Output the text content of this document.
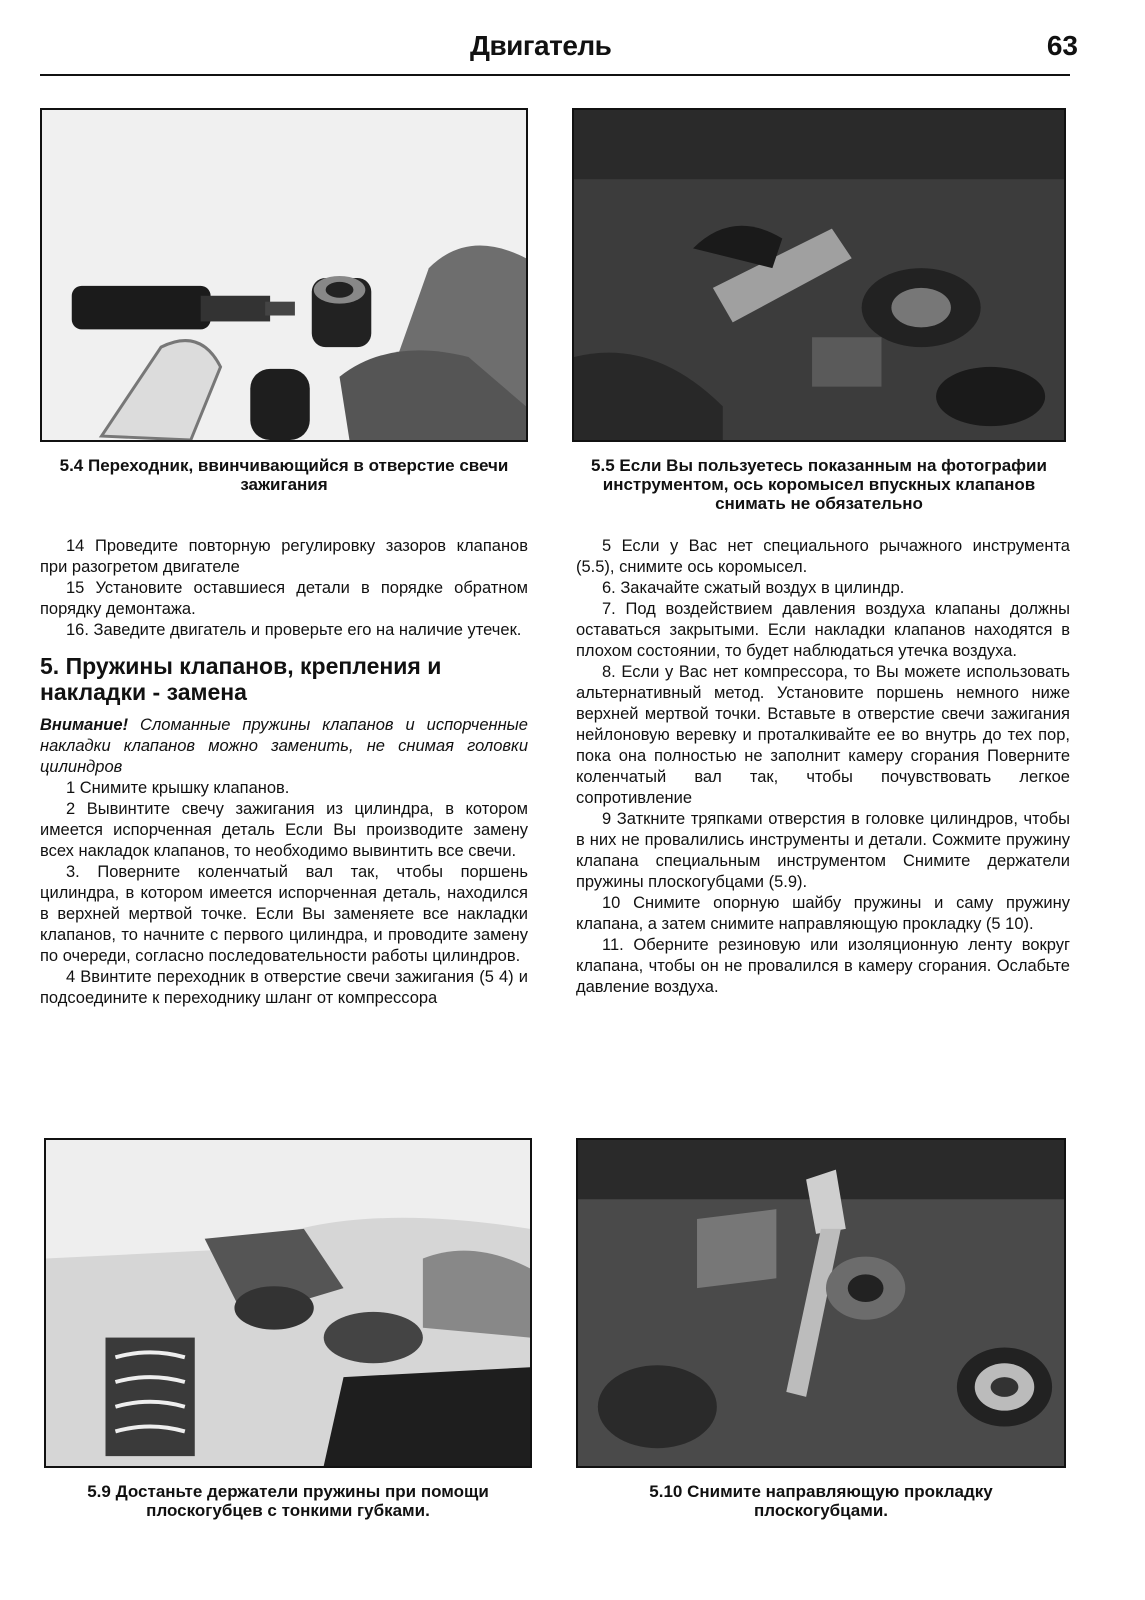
Двигатель	63
5.4 Переходник, ввинчивающийся в отверстие свечи зажигания
5.5 Если Вы пользуетесь показанным на фотографии инструментом, ось коромысел впускных клапанов снимать не обязательно

14 Проведите повторную регулировку зазоров клапанов при разогретом двигателе

15 Установите оставшиеся детали в порядке обратном порядку демонтажа.

16. Заведите двигатель и проверьте его на наличие утечек.

5. Пружины клапанов, крепления и накладки - замена

Внимание! Сломанные пружины клапанов и испорченные накладки клапанов можно заменить, не снимая головки цилиндров

1 Снимите крышку клапанов.

2 Вывинтите свечу зажигания из цилиндра, в котором имеется испорченная деталь Если Вы производите замену всех накладок клапанов, то необходимо вывинтить все свечи.

3. Поверните коленчатый вал так, чтобы поршень цилиндра, в котором имеется испорченная деталь, находился в верхней мертвой точке. Если Вы заменяете все накладки клапанов, то начните с первого цилиндра, и проводите замену по очереди, согласно последовательности работы цилиндров.

4 Ввинтите переходник в отверстие свечи зажигания (5 4) и подсоедините к переходнику шланг от компрессора

5 Если у Вас нет специального рычажного инструмента (5.5), снимите ось коромысел.

6. Закачайте сжатый воздух в цилиндр.

7. Под воздействием давления воздуха клапаны должны оставаться закрытыми. Если накладки клапанов находятся в плохом состоянии, то будет наблюдаться утечка воздуха.

8. Если у Вас нет компрессора, то Вы можете использовать альтернативный метод. Установите поршень немного ниже верхней мертвой точки. Вставьте в отверстие свечи зажигания нейлоновую веревку и проталкивайте ее во внутрь до тех пор, пока она полностью не заполнит камеру сгорания Поверните коленчатый вал так, чтобы почувствовать легкое сопротивление

9 Заткните тряпками отверстия в головке цилиндров, чтобы в них не провалились инструменты и детали. Сожмите пружину клапана специальным инструментом Снимите держатели пружины плоскогубцами (5.9).

10 Снимите опорную шайбу пружины и саму пружину клапана, а затем снимите направляющую прокладку (5 10).

11. Оберните резиновую или изоляционную ленту вокруг клапана, чтобы он не провалился в камеру сгорания. Ослабьте давление воздуха.

5.9 Достаньте держатели пружины при помощи плоскогубцев с тонкими губками.
5.10 Снимите направляющую прокладку плоскогубцами.
